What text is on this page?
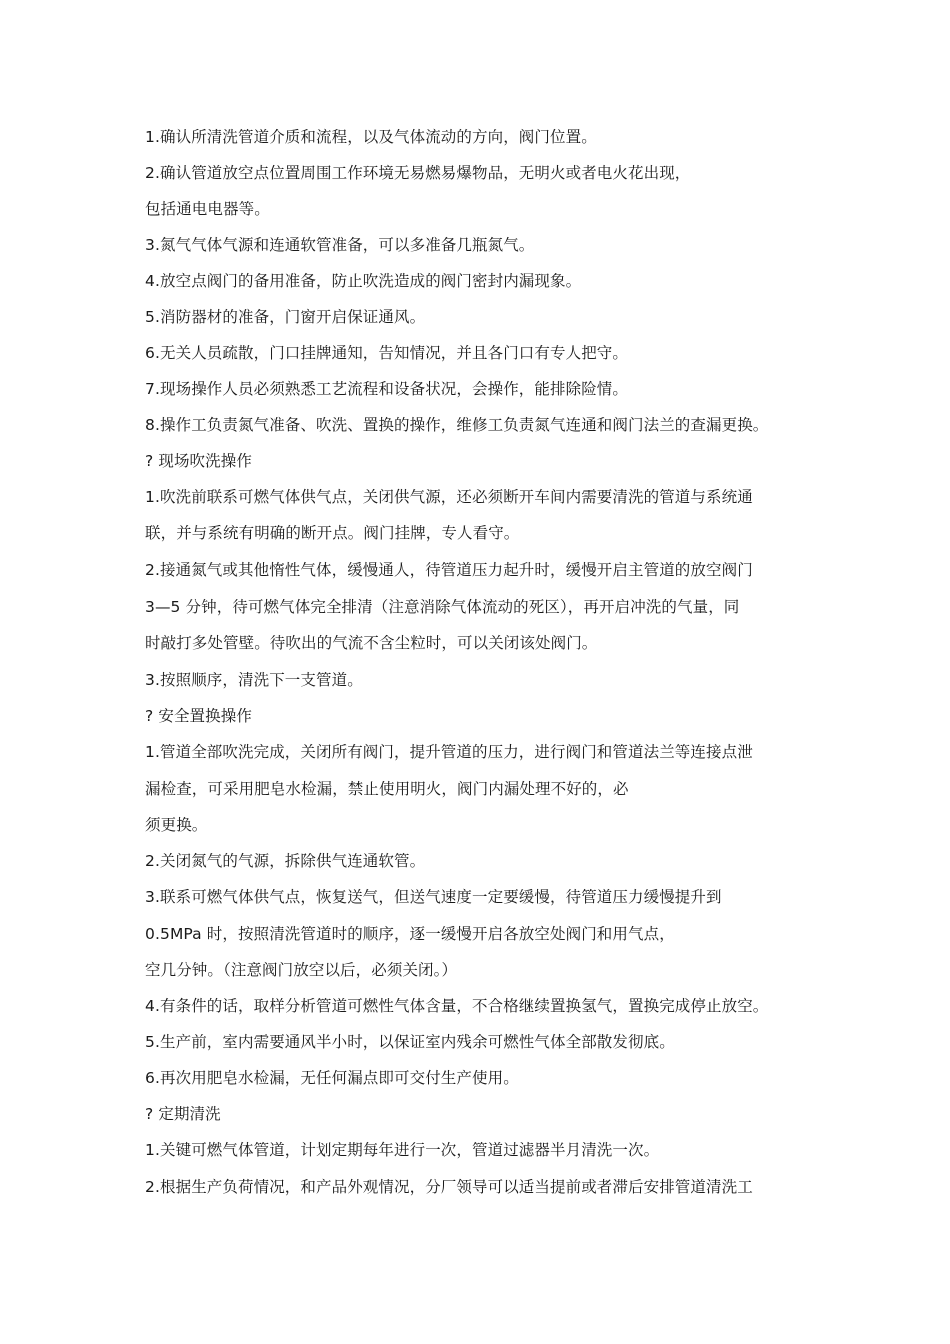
1.确认所清洗管道介质和流程，以及气体流动的方向，阀门位置。
2.确认管道放空点位置周围工作环境无易燃易爆物品，无明火或者电火花出现，
包括通电电器等。
3.氮气气体气源和连通软管准备，可以多准备几瓶氮气。
4.放空点阀门的备用准备，防止吹洗造成的阀门密封内漏现象。
5.消防器材的准备，门窗开启保证通风。
6.无关人员疏散，门口挂牌通知，告知情况，并且各门口有专人把守。
7.现场操作人员必须熟悉工艺流程和设备状况，会操作，能排除险情。
8.操作工负责氮气准备、吹洗、置换的操作，维修工负责氮气连通和阀门法兰的查漏更换。
? 现场吹洗操作
1.吹洗前联系可燃气体供气点，关闭供气源，还必须断开车间内需要清洗的管道与系统通
联，并与系统有明确的断开点。阀门挂牌，专人看守。
2.接通氮气或其他惰性气体，缓慢通人，待管道压力起升时，缓慢开启主管道的放空阀门
3—5 分钟，待可燃气体完全排清（注意消除气体流动的死区），再开启冲洗的气量，同
时敲打多处管壁。待吹出的气流不含尘粒时，可以关闭该处阀门。
3.按照顺序，清洗下一支管道。
? 安全置换操作
1.管道全部吹洗完成，关闭所有阀门，提升管道的压力，进行阀门和管道法兰等连接点泄
漏检查，可采用肥皂水检漏，禁止使用明火，阀门内漏处理不好的，必
须更换。
2.关闭氮气的气源，拆除供气连通软管。
3.联系可燃气体供气点，恢复送气，但送气速度一定要缓慢，待管道压力缓慢提升到
0.5MPa 时，按照清洗管道时的顺序，逐一缓慢开启各放空处阀门和用气点，
空几分钟。（注意阀门放空以后，必须关闭。）
4.有条件的话，取样分析管道可燃性气体含量，不合格继续置换氢气，置换完成停止放空。
5.生产前，室内需要通风半小时，以保证室内残余可燃性气体全部散发彻底。
6.再次用肥皂水检漏，无任何漏点即可交付生产使用。
? 定期清洗
1.关键可燃气体管道，计划定期每年进行一次，管道过滤器半月清洗一次。
2.根据生产负荷情况，和产品外观情况，分厂领导可以适当提前或者滞后安排管道清洗工
